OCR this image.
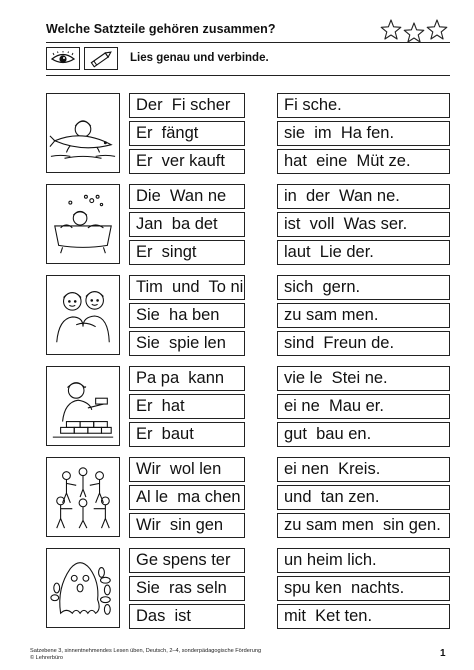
Welche Satzteile gehören zusammen?
Lies genau und verbinde.
Der  Fi scher
Er  fängt
Er  ver kauft
Fi sche.
sie  im  Ha fen.
hat  eine  Müt ze.
Die  Wan ne
Jan  ba det
Er  singt
in  der  Wan ne.
ist  voll  Was ser.
laut  Lie der.
Tim  und  To ni
Sie  ha ben
Sie  spie len
sich  gern.
zu sam men.
sind  Freun de.
Pa pa  kann
Er  hat
Er  baut
vie le  Stei ne.
ei ne  Mau er.
gut  bau en.
Wir  wol len
Al le  ma chen
Wir  sin gen
ei nen  Kreis.
und  tan zen.
zu sam men  sin gen.
Ge spens ter
Sie  ras seln
Das  ist
un heim lich.
spu ken  nachts.
mit  Ket ten.
Satzebene 3, sinnentnehmendes Lesen üben, Deutsch, 2–4, sonderpädagogische Förderung
© Lehrerbüro	1
